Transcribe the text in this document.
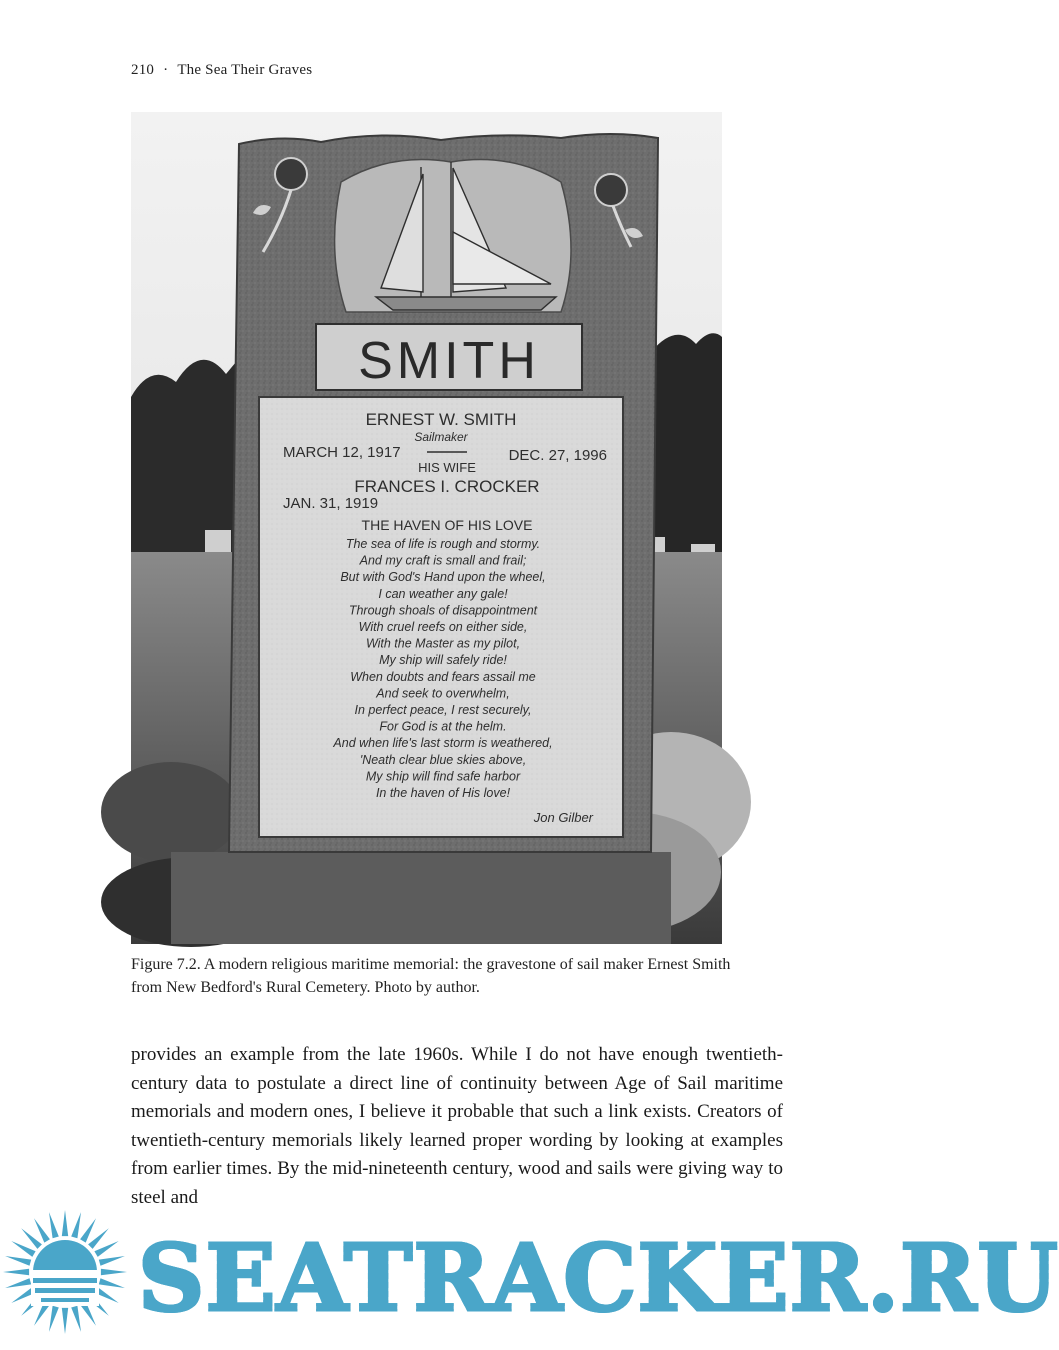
210 · The Sea Their Graves
SMITH
ERNEST W. SMITH
Sailmaker
MARCH 12, 1917	DEC. 27, 1996
HIS WIFE
FRANCES I. CROCKER
JAN. 31, 1919
THE HAVEN OF HIS LOVE
The sea of life is rough and stormy.
And my craft is small and frail;
But with God's Hand upon the wheel,
I can weather any gale!
Through shoals of disappointment
With cruel reefs on either side,
With the Master as my pilot,
My ship will safely ride!
When doubts and fears assail me
And seek to overwhelm,
In perfect peace, I rest securely,
For God is at the helm.
And when life's last storm is weathered,
'Neath clear blue skies above,
My ship will find safe harbor
In the haven of His love!
Jon Gilber
Figure 7.2. A modern religious maritime memorial: the gravestone of sail maker Ernest Smith from New Bedford's Rural Cemetery. Photo by author.
provides an example from the late 1960s. While I do not have enough twentieth-century data to postulate a direct line of continuity between Age of Sail maritime memorials and modern ones, I believe it probable that such a link exists. Creators of twentieth-century memorials likely learned proper wording by looking at examples from earlier times. By the mid-nineteenth century, wood and sails were giving way to steel and
SEATRACKER.RU
